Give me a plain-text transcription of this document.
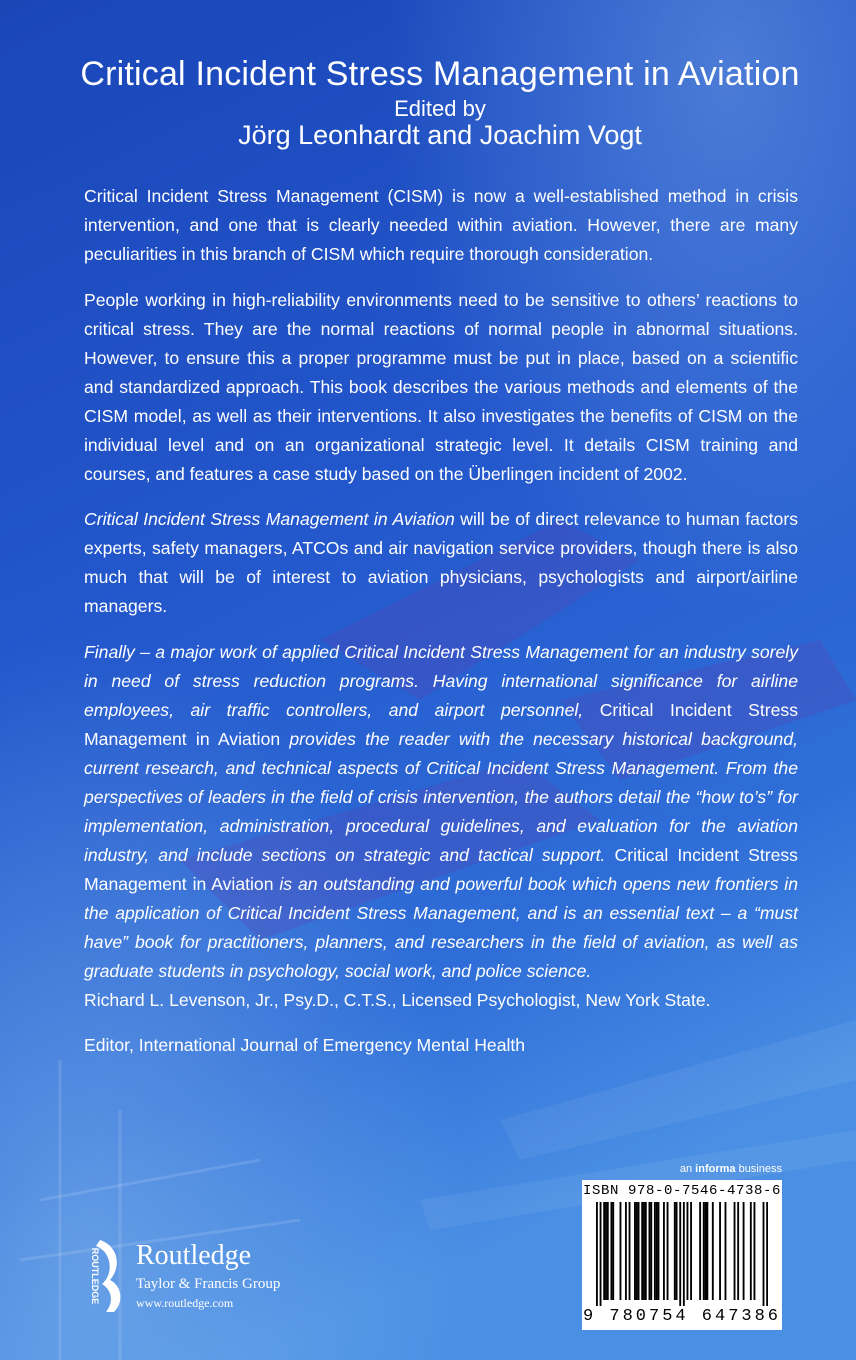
Critical Incident Stress Management in Aviation
Edited by
Jörg Leonhardt and Joachim Vogt

Critical Incident Stress Management (CISM) is now a well-established method in crisis intervention, and one that is clearly needed within aviation. However, there are many peculiarities in this branch of CISM which require thorough consideration.

People working in high-reliability environments need to be sensitive to others’ reactions to critical stress. They are the normal reactions of normal people in abnormal situations. However, to ensure this a proper programme must be put in place, based on a scientific and standardized approach. This book describes the various methods and elements of the CISM model, as well as their interventions. It also investigates the benefits of CISM on the individual level and on an organizational strategic level. It details CISM training and courses, and features a case study based on the Überlingen incident of 2002.

Critical Incident Stress Management in Aviation will be of direct relevance to human factors experts, safety managers, ATCOs and air navigation service providers, though there is also much that will be of interest to aviation physicians, psychologists and airport/airline managers.

Finally – a major work of applied Critical Incident Stress Management for an industry sorely in need of stress reduction programs. Having international significance for airline employees, air traffic controllers, and airport personnel, Critical Incident Stress Management in Aviation provides the reader with the necessary historical background, current research, and technical aspects of Critical Incident Stress Management. From the perspectives of leaders in the field of crisis intervention, the authors detail the “how to’s” for implementation, administration, procedural guidelines, and evaluation for the aviation industry, and include sections on strategic and tactical support. Critical Incident Stress Management in Aviation is an outstanding and powerful book which opens new frontiers in the application of Critical Incident Stress Management, and is an essential text – a “must have” book for practitioners, planners, and researchers in the field of aviation, as well as graduate students in psychology, social work, and police science.

Richard L. Levenson, Jr., Psy.D., C.T.S., Licensed Psychologist, New York State.

Editor, International Journal of Emergency Mental Health

an informa business
ISBN 978-0-7546-4738-6
9 780754 647386
ROUTLEDGE Routledge
Taylor & Francis Group
www.routledge.com
